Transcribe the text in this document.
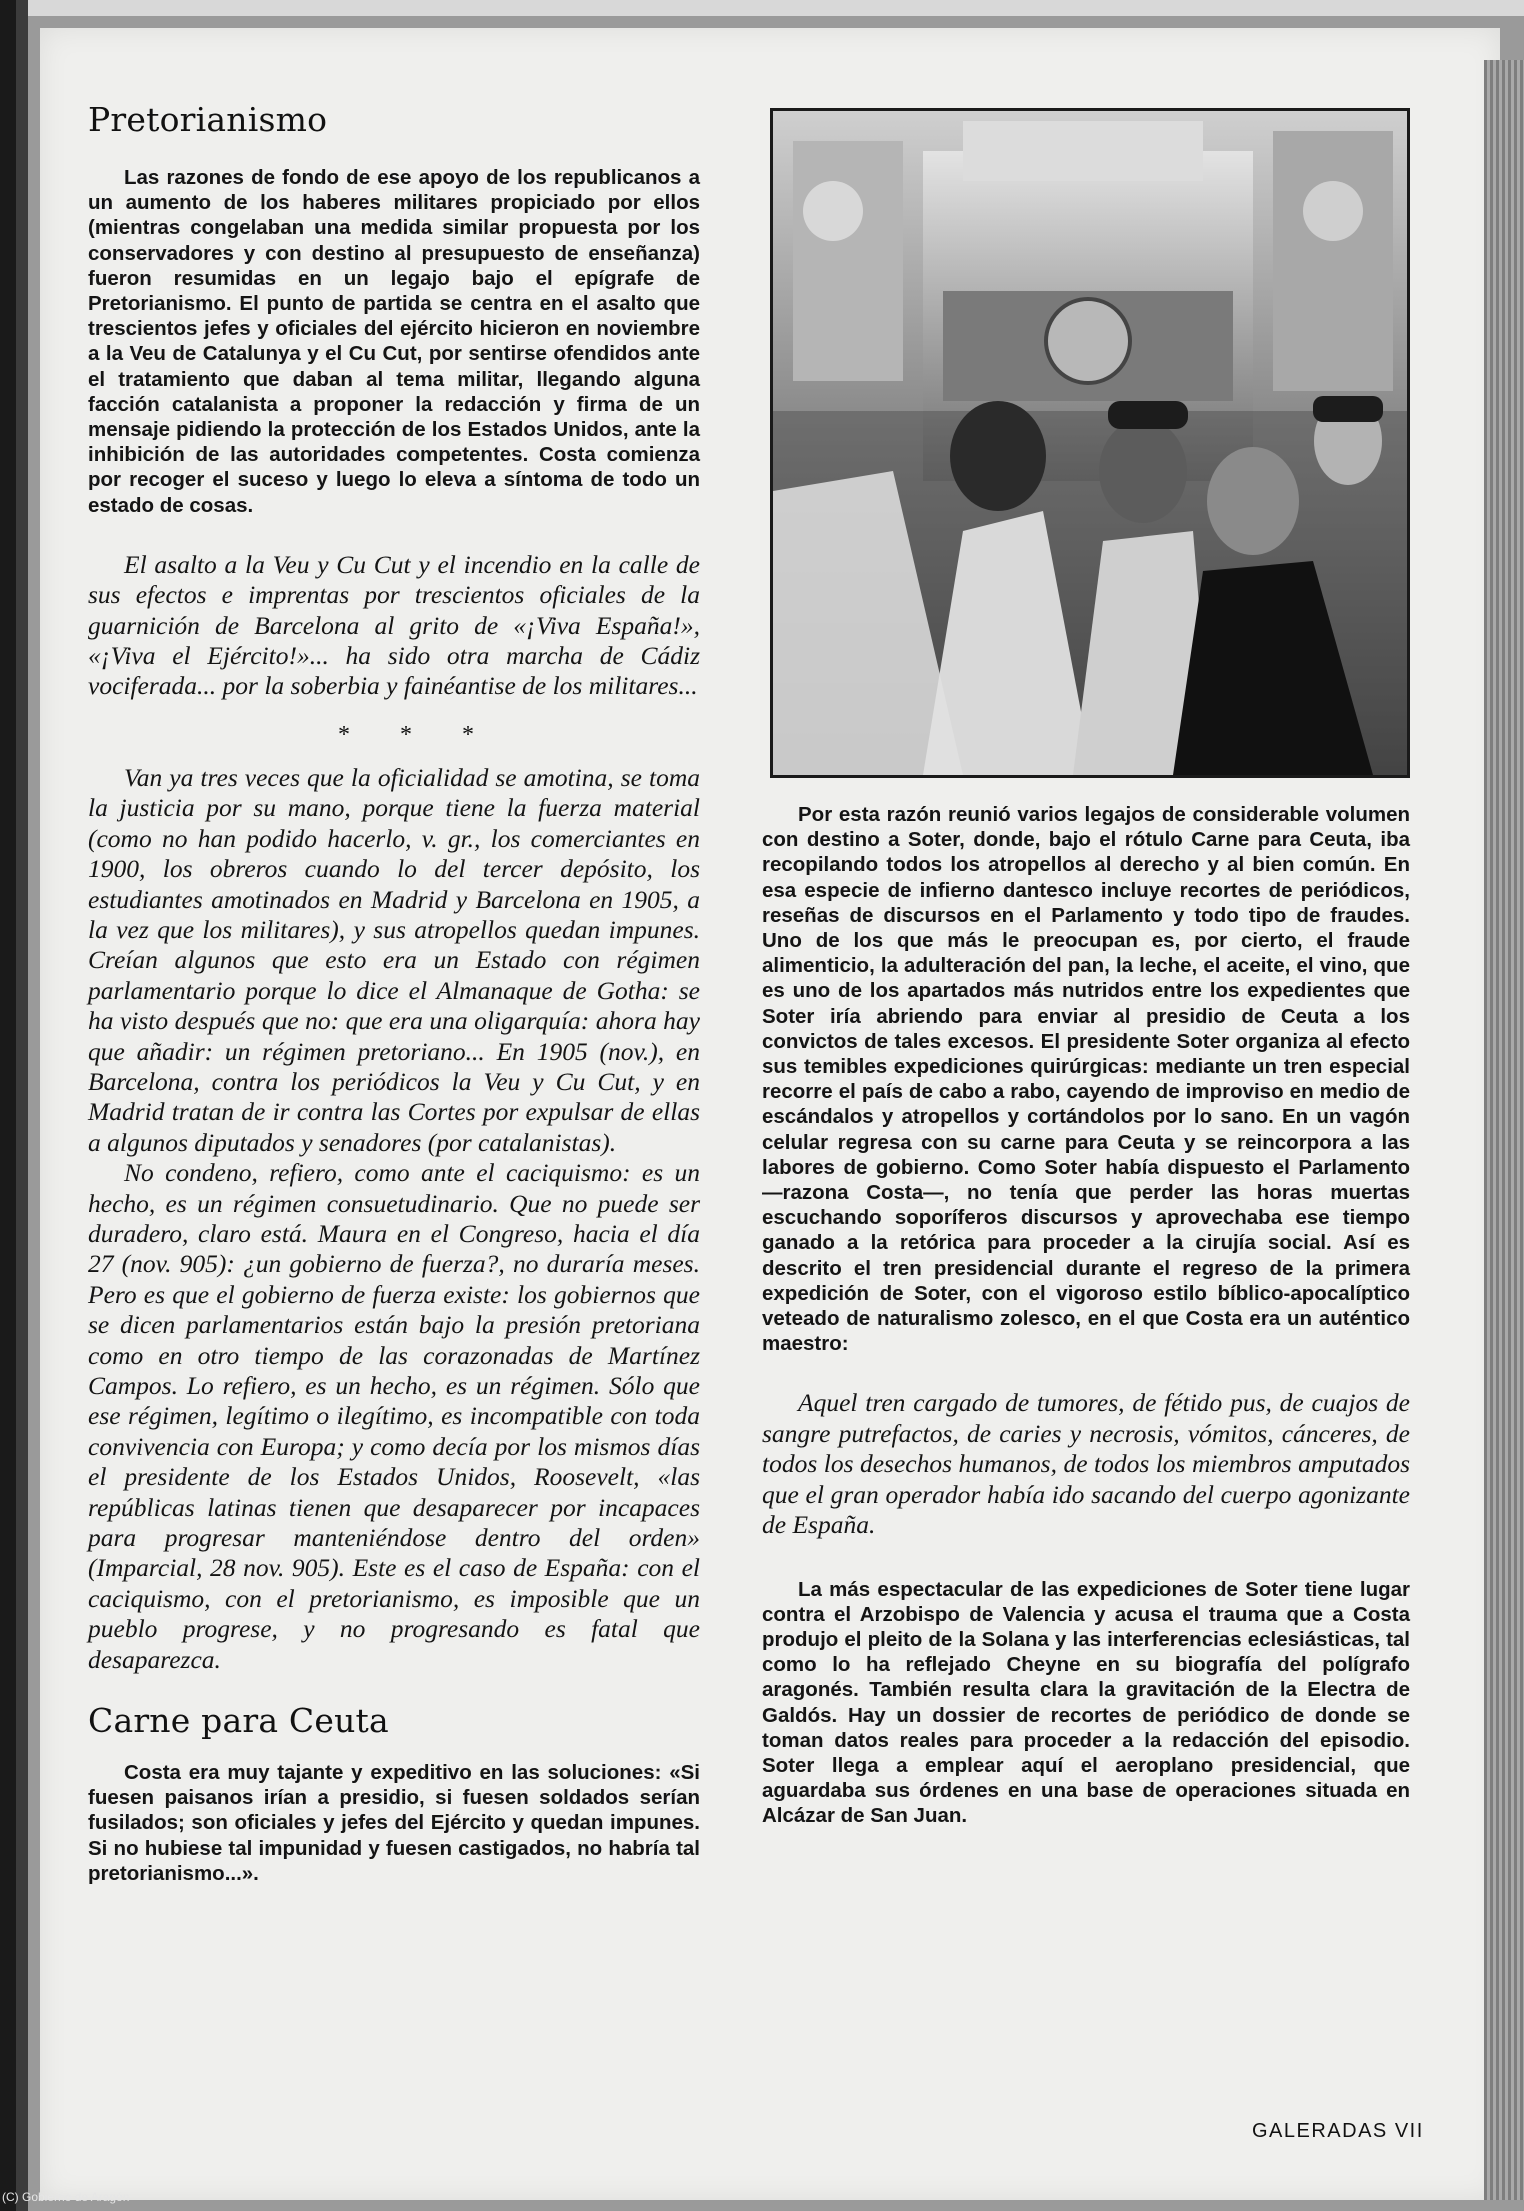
Pretorianismo

Las razones de fondo de ese apoyo de los republicanos a un aumento de los haberes militares propiciado por ellos (mientras congelaban una medida similar propuesta por los conservadores y con destino al presupuesto de enseñanza) fueron resumidas en un legajo bajo el epígrafe de Pretorianismo. El punto de partida se centra en el asalto que trescientos jefes y oficiales del ejército hicieron en noviembre a la Veu de Catalunya y el Cu Cut, por sentirse ofendidos ante el tratamiento que daban al tema militar, llegando alguna facción catalanista a proponer la redacción y firma de un mensaje pidiendo la protección de los Estados Unidos, ante la inhibición de las autoridades competentes. Costa comienza por recoger el suceso y luego lo eleva a síntoma de todo un estado de cosas.

El asalto a la Veu y Cu Cut y el incendio en la calle de sus efectos e imprentas por trescientos oficiales de la guarnición de Barcelona al grito de «¡Viva España!», «¡Viva el Ejército!»... ha sido otra marcha de Cádiz vociferada... por la soberbia y fainéantise de los militares...

* * *

Van ya tres veces que la oficialidad se amotina, se toma la justicia por su mano, porque tiene la fuerza material (como no han podido hacerlo, v. gr., los comerciantes en 1900, los obreros cuando lo del tercer depósito, los estudiantes amotinados en Madrid y Barcelona en 1905, a la vez que los militares), y sus atropellos quedan impunes. Creían algunos que esto era un Estado con régimen parlamentario porque lo dice el Almanaque de Gotha: se ha visto después que no: que era una oligarquía: ahora hay que añadir: un régimen pretoriano... En 1905 (nov.), en Barcelona, contra los periódicos la Veu y Cu Cut, y en Madrid tratan de ir contra las Cortes por expulsar de ellas a algunos diputados y senadores (por catalanistas).

No condeno, refiero, como ante el caciquismo: es un hecho, es un régimen consuetudinario. Que no puede ser duradero, claro está. Maura en el Congreso, hacia el día 27 (nov. 905): ¿un gobierno de fuerza?, no duraría meses. Pero es que el gobierno de fuerza existe: los gobiernos que se dicen parlamentarios están bajo la presión pretoriana como en otro tiempo de las corazonadas de Martínez Campos. Lo refiero, es un hecho, es un régimen. Sólo que ese régimen, legítimo o ilegítimo, es incompatible con toda convivencia con Europa; y como decía por los mismos días el presidente de los Estados Unidos, Roosevelt, «las repúblicas latinas tienen que desaparecer por incapaces para progresar manteniéndose dentro del orden» (Imparcial, 28 nov. 905). Este es el caso de España: con el caciquismo, con el pretorianismo, es imposible que un pueblo progrese, y no progresando es fatal que desaparezca.

Carne para Ceuta

Costa era muy tajante y expeditivo en las soluciones: «Si fuesen paisanos irían a presidio, si fuesen soldados serían fusilados; son oficiales y jefes del Ejército y quedan impunes. Si no hubiese tal impunidad y fuesen castigados, no habría tal pretorianismo...».

Por esta razón reunió varios legajos de considerable volumen con destino a Soter, donde, bajo el rótulo Carne para Ceuta, iba recopilando todos los atropellos al derecho y al bien común. En esa especie de infierno dantesco incluye recortes de periódicos, reseñas de discursos en el Parlamento y todo tipo de fraudes. Uno de los que más le preocupan es, por cierto, el fraude alimenticio, la adulteración del pan, la leche, el aceite, el vino, que es uno de los apartados más nutridos entre los expedientes que Soter iría abriendo para enviar al presidio de Ceuta a los convictos de tales excesos. El presidente Soter organiza al efecto sus temibles expediciones quirúrgicas: mediante un tren especial recorre el país de cabo a rabo, cayendo de improviso en medio de escándalos y atropellos y cortándolos por lo sano. En un vagón celular regresa con su carne para Ceuta y se reincorpora a las labores de gobierno. Como Soter había dispuesto el Parlamento —razona Costa—, no tenía que perder las horas muertas escuchando soporíferos discursos y aprovechaba ese tiempo ganado a la retórica para proceder a la cirujía social. Así es descrito el tren presidencial durante el regreso de la primera expedición de Soter, con el vigoroso estilo bíblico-apocalíptico veteado de naturalismo zolesco, en el que Costa era un auténtico maestro:

Aquel tren cargado de tumores, de fétido pus, de cuajos de sangre putrefactos, de caries y necrosis, vómitos, cánceres, de todos los desechos humanos, de todos los miembros amputados que el gran operador había ido sacando del cuerpo agonizante de España.

La más espectacular de las expediciones de Soter tiene lugar contra el Arzobispo de Valencia y acusa el trauma que a Costa produjo el pleito de la Solana y las interferencias eclesiásticas, tal como lo ha reflejado Cheyne en su biografía del polígrafo aragonés. También resulta clara la gravitación de la Electra de Galdós. Hay un dossier de recortes de periódico de donde se toman datos reales para proceder a la redacción del episodio. Soter llega a emplear aquí el aeroplano presidencial, que aguardaba sus órdenes en una base de operaciones situada en Alcázar de San Juan.

GALERADAS VII
(C) Gobierno de Aragón
